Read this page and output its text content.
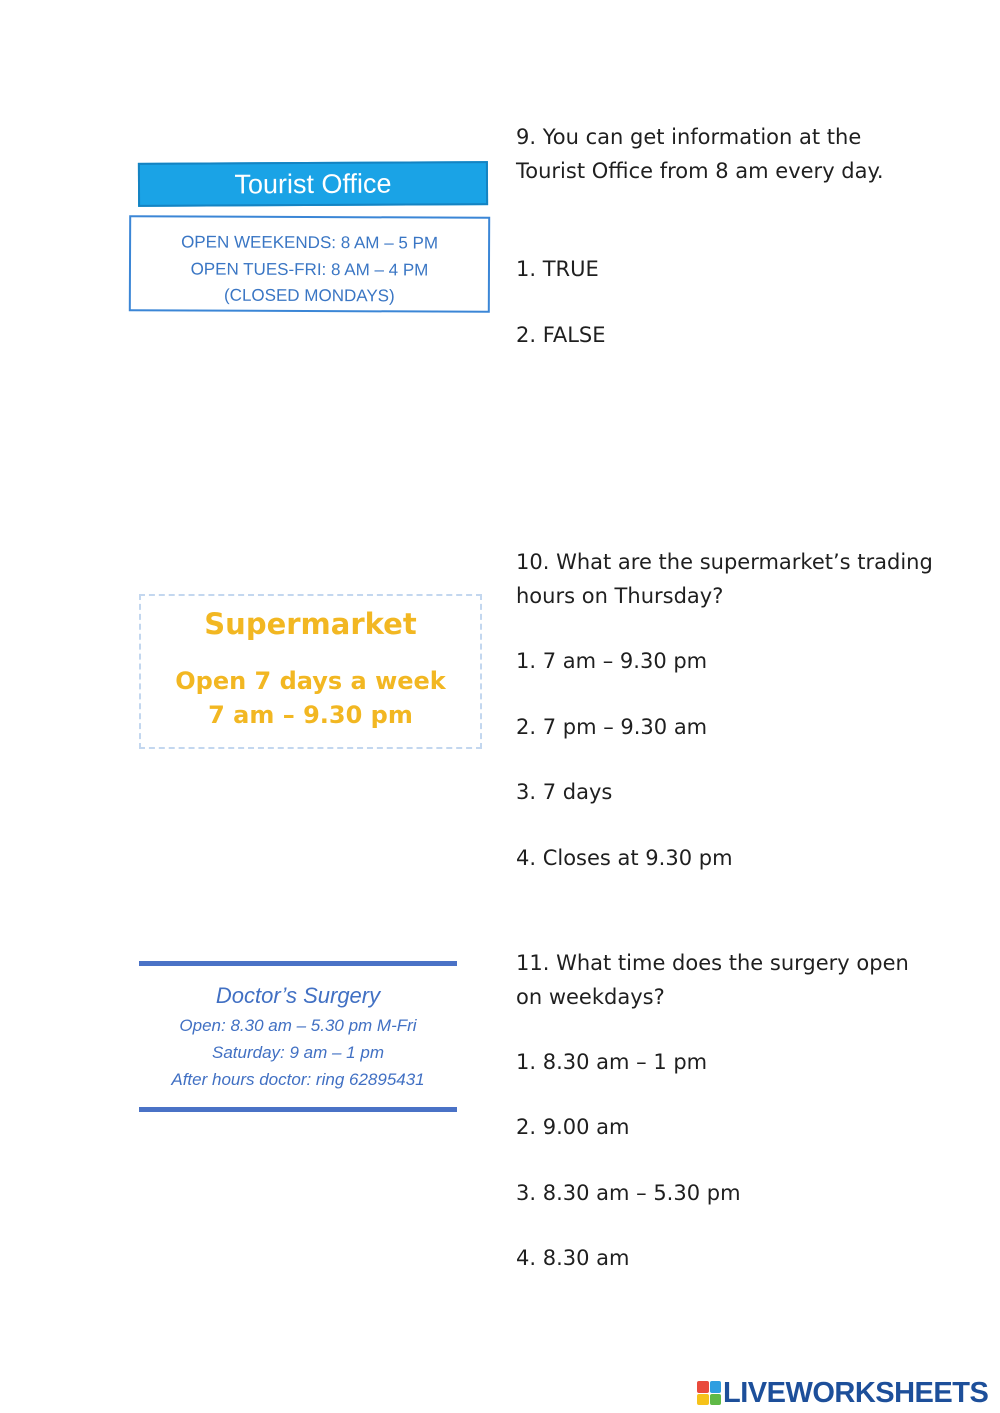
Tourist Office
OPEN WEEKENDS: 8 AM – 5 PM
OPEN TUES-FRI: 8 AM – 4 PM
(CLOSED MONDAYS)
Supermarket
Open 7 days a week
7 am – 9.30 pm
Doctor’s Surgery
Open: 8.30 am – 5.30 pm M-Fri
Saturday: 9 am – 1 pm
After hours doctor: ring 62895431
9. You can get information at the Tourist Office from 8 am every day.
1. TRUE
2. FALSE
10. What are the supermarket’s trading hours on Thursday?
1. 7 am – 9.30 pm
2. 7 pm – 9.30 am
3. 7 days
4. Closes at 9.30 pm
11. What time does the surgery open on weekdays?
1. 8.30 am – 1 pm
2. 9.00 am
3. 8.30 am – 5.30 pm
4. 8.30 am
LIVEWORKSHEETS
